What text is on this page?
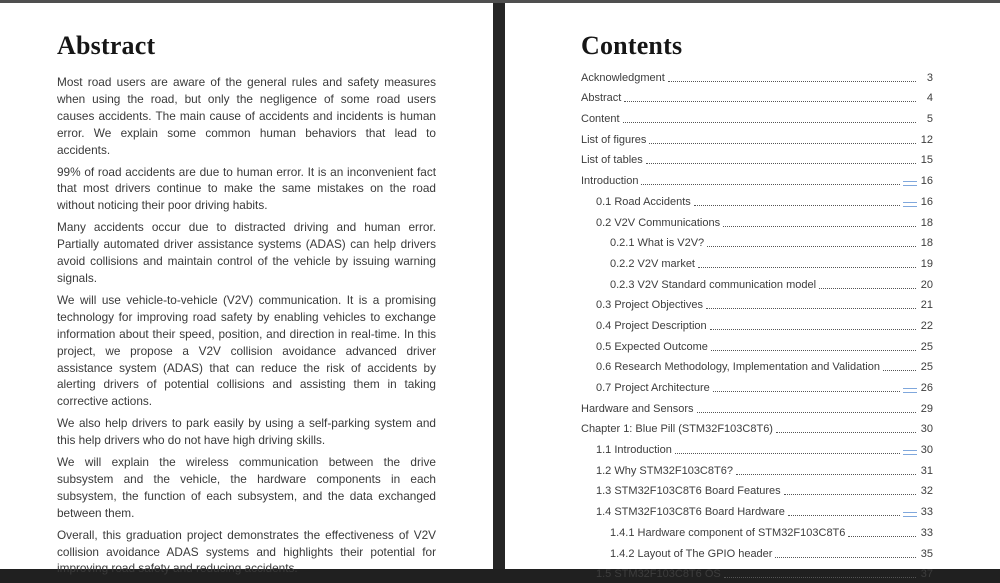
Abstract

Most road users are aware of the general rules and safety measures when using the road, but only the negligence of some road users causes accidents. The main cause of accidents and incidents is human error. We explain some common human behaviors that lead to accidents.

99% of road accidents are due to human error. It is an inconvenient fact that most drivers continue to make the same mistakes on the road without noticing their poor driving habits.

Many accidents occur due to distracted driving and human error. Partially automated driver assistance systems (ADAS) can help drivers avoid collisions and maintain control of the vehicle by issuing warning signals.

We will use vehicle-to-vehicle (V2V) communication. It is a promising technology for improving road safety by enabling vehicles to exchange information about their speed, position, and direction in real-time. In this project, we propose a V2V collision avoidance advanced driver assistance system (ADAS) that can reduce the risk of accidents by alerting drivers of potential collisions and assisting them in taking corrective actions.

We also help drivers to park easily by using a self-parking system and this help drivers who do not have high driving skills.

We will explain the wireless communication between the drive subsystem and the vehicle, the hardware components in each subsystem, the function of each subsystem, and the data exchanged between them.

Overall, this graduation project demonstrates the effectiveness of V2V collision avoidance ADAS systems and highlights their potential for improving road safety and reducing accidents.

Contents
Acknowledgment	3
Abstract	4
Content	5
List of figures	12
List of tables	15
Introduction	16
0.1 Road Accidents	16
0.2 V2V Communications	18
0.2.1 What is V2V?	18
0.2.2 V2V market	19
0.2.3 V2V Standard communication model	20
0.3 Project Objectives	21
0.4 Project Description	22
0.5 Expected Outcome	25
0.6 Research Methodology, Implementation and Validation	25
0.7 Project Architecture	26
Hardware and Sensors	29
Chapter 1: Blue Pill (STM32F103C8T6)	30
1.1 Introduction	30
1.2 Why STM32F103C8T6?	31
1.3 STM32F103C8T6 Board Features	32
1.4 STM32F103C8T6 Board Hardware	33
1.4.1 Hardware component of STM32F103C8T6	33
1.4.2 Layout of The GPIO header	35
1.5 STM32F103C8T6 OS	37
